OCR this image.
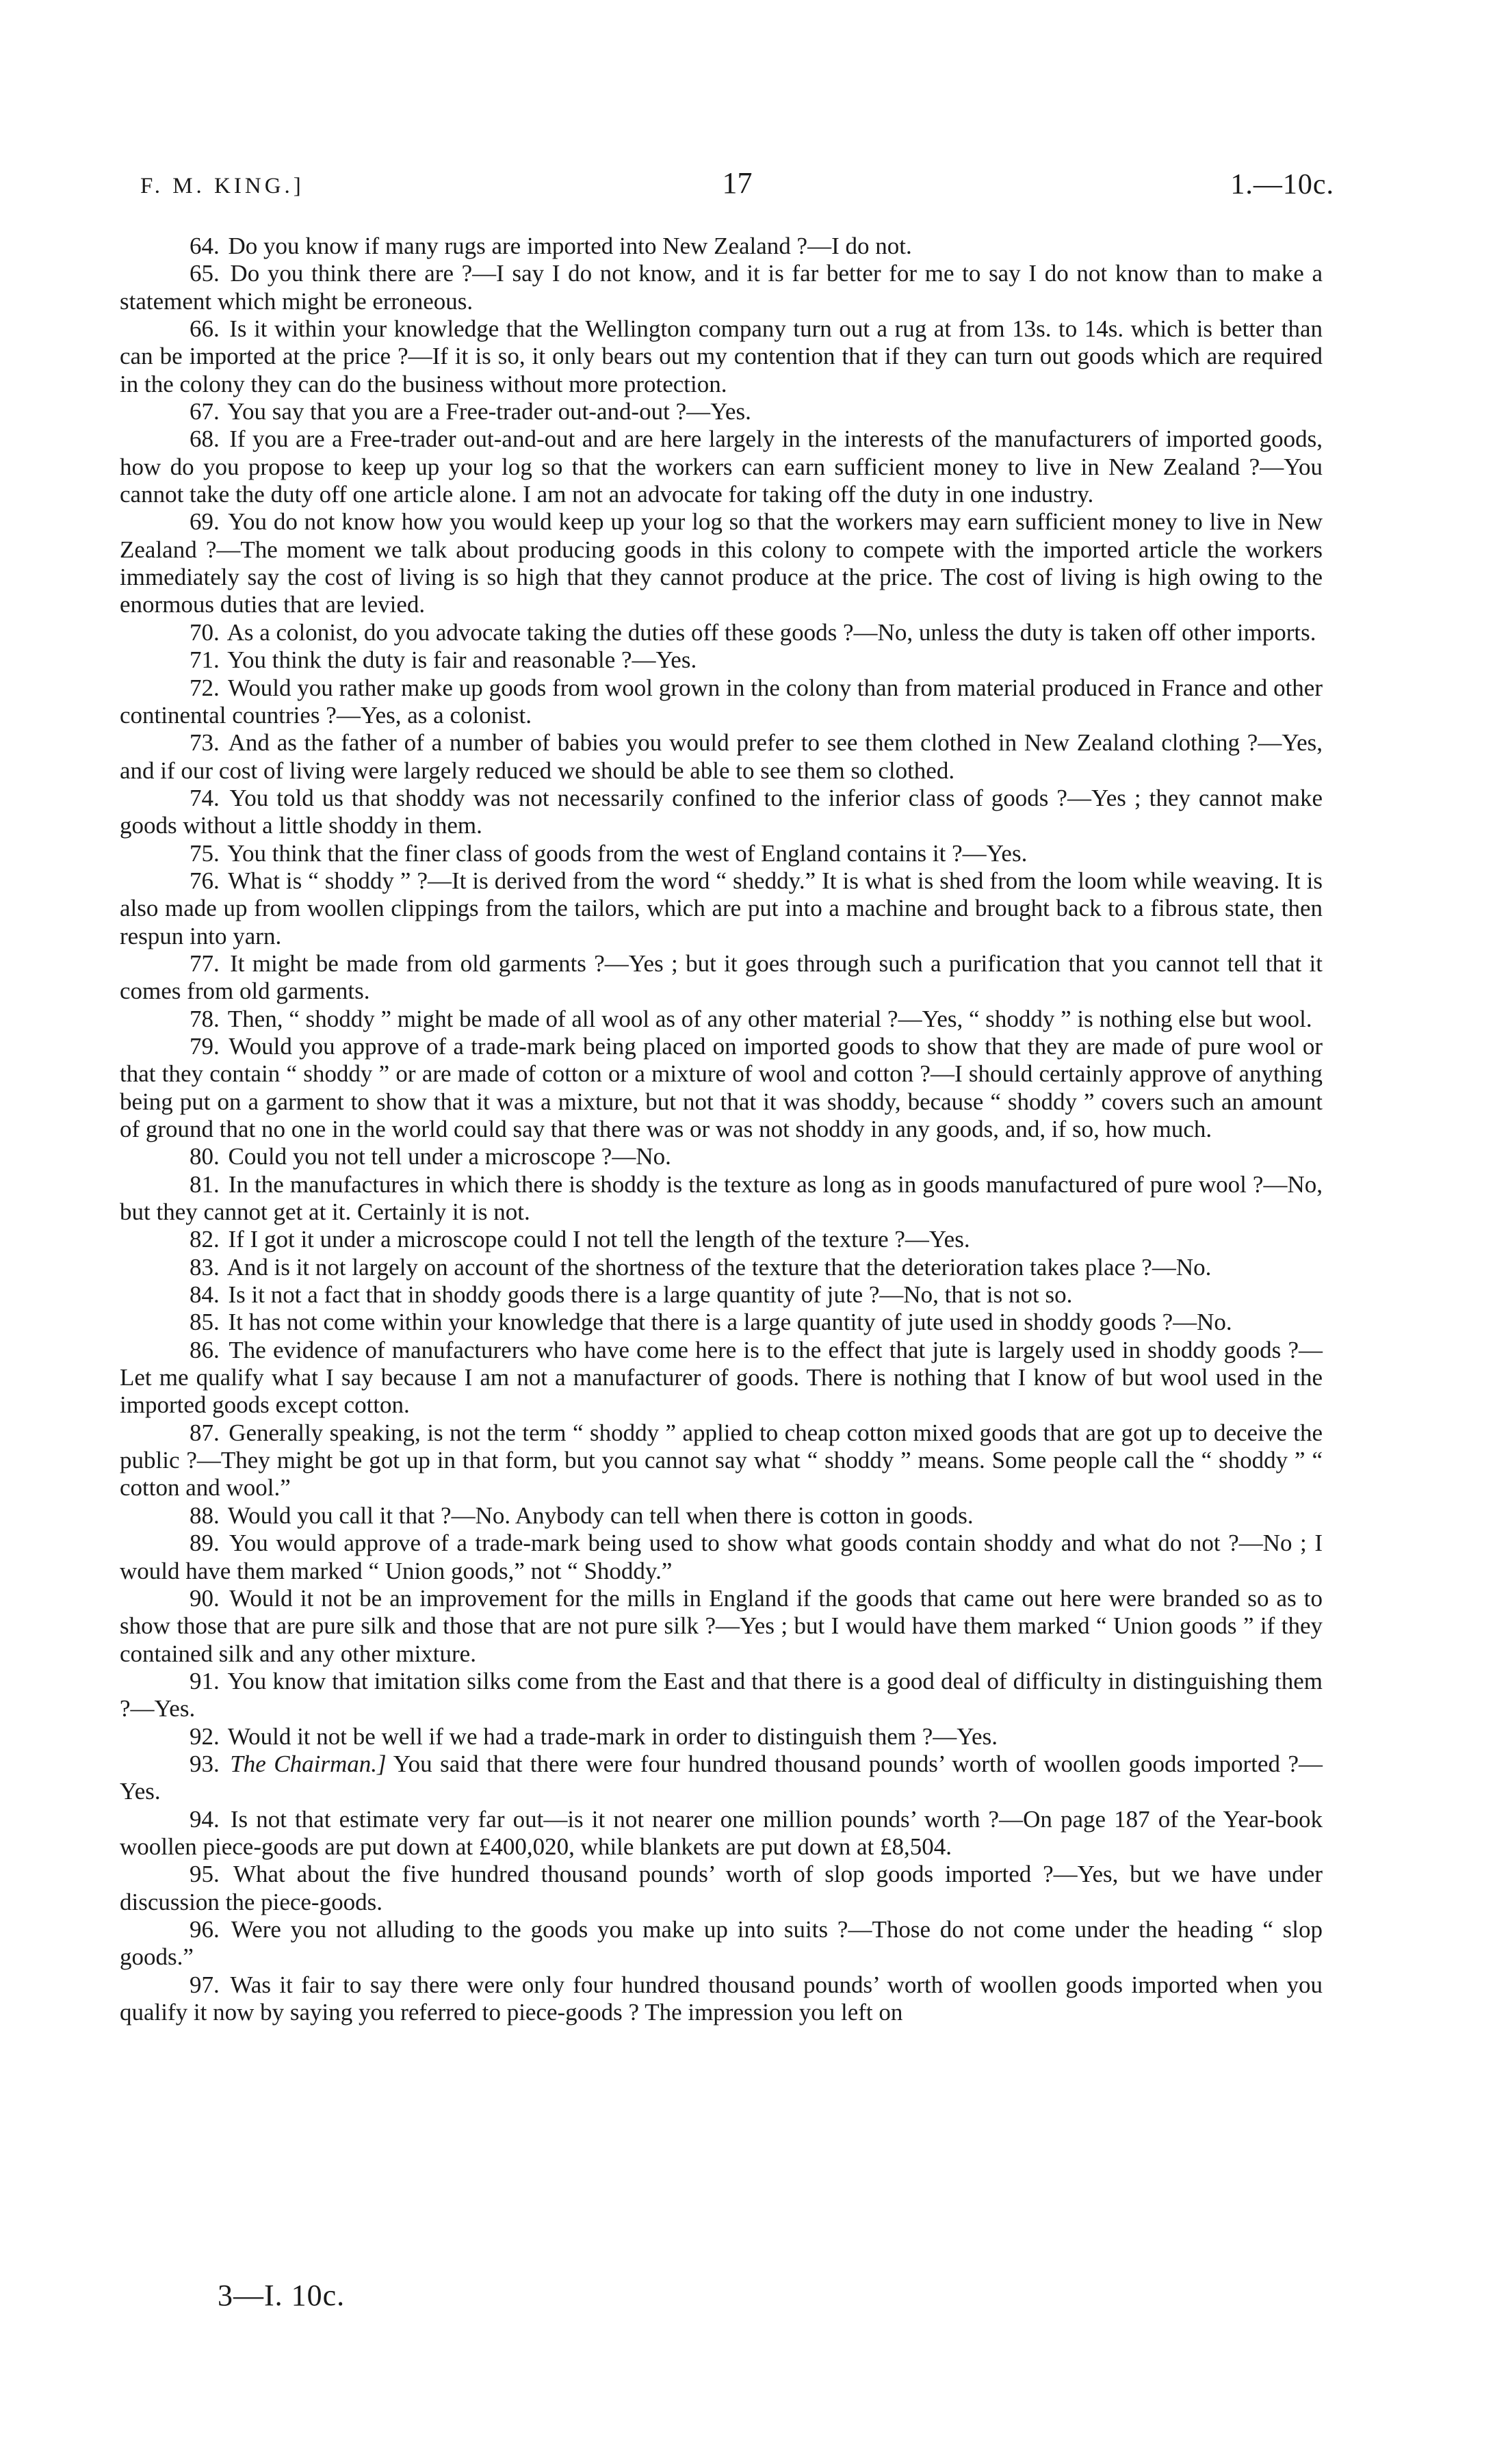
F. M. KING.]	17	1.—10c.

64. Do you know if many rugs are imported into New Zealand ?—I do not.

65. Do you think there are ?—I say I do not know, and it is far better for me to say I do not know than to make a statement which might be erroneous.

66. Is it within your knowledge that the Wellington company turn out a rug at from 13s. to 14s. which is better than can be imported at the price ?—If it is so, it only bears out my contention that if they can turn out goods which are required in the colony they can do the business without more protection.

67. You say that you are a Free-trader out-and-out ?—Yes.

68. If you are a Free-trader out-and-out and are here largely in the interests of the manufacturers of imported goods, how do you propose to keep up your log so that the workers can earn sufficient money to live in New Zealand ?—You cannot take the duty off one article alone. I am not an advocate for taking off the duty in one industry.

69. You do not know how you would keep up your log so that the workers may earn sufficient money to live in New Zealand ?—The moment we talk about producing goods in this colony to compete with the imported article the workers immediately say the cost of living is so high that they cannot produce at the price. The cost of living is high owing to the enormous duties that are levied.

70. As a colonist, do you advocate taking the duties off these goods ?—No, unless the duty is taken off other imports.

71. You think the duty is fair and reasonable ?—Yes.

72. Would you rather make up goods from wool grown in the colony than from material produced in France and other continental countries ?—Yes, as a colonist.

73. And as the father of a number of babies you would prefer to see them clothed in New Zealand clothing ?—Yes, and if our cost of living were largely reduced we should be able to see them so clothed.

74. You told us that shoddy was not necessarily confined to the inferior class of goods ?—Yes ; they cannot make goods without a little shoddy in them.

75. You think that the finer class of goods from the west of England contains it ?—Yes.

76. What is “ shoddy ” ?—It is derived from the word “ sheddy.” It is what is shed from the loom while weaving. It is also made up from woollen clippings from the tailors, which are put into a machine and brought back to a fibrous state, then respun into yarn.

77. It might be made from old garments ?—Yes ; but it goes through such a purification that you cannot tell that it comes from old garments.

78. Then, “ shoddy ” might be made of all wool as of any other material ?—Yes, “ shoddy ” is nothing else but wool.

79. Would you approve of a trade-mark being placed on imported goods to show that they are made of pure wool or that they contain “ shoddy ” or are made of cotton or a mixture of wool and cotton ?—I should certainly approve of anything being put on a garment to show that it was a mixture, but not that it was shoddy, because “ shoddy ” covers such an amount of ground that no one in the world could say that there was or was not shoddy in any goods, and, if so, how much.

80. Could you not tell under a microscope ?—No.

81. In the manufactures in which there is shoddy is the texture as long as in goods manufactured of pure wool ?—No, but they cannot get at it. Certainly it is not.

82. If I got it under a microscope could I not tell the length of the texture ?—Yes.

83. And is it not largely on account of the shortness of the texture that the deterioration takes place ?—No.

84. Is it not a fact that in shoddy goods there is a large quantity of jute ?—No, that is not so.

85. It has not come within your knowledge that there is a large quantity of jute used in shoddy goods ?—No.

86. The evidence of manufacturers who have come here is to the effect that jute is largely used in shoddy goods ?—Let me qualify what I say because I am not a manufacturer of goods. There is nothing that I know of but wool used in the imported goods except cotton.

87. Generally speaking, is not the term “ shoddy ” applied to cheap cotton mixed goods that are got up to deceive the public ?—They might be got up in that form, but you cannot say what “ shoddy ” means. Some people call the “ shoddy ” “ cotton and wool.”

88. Would you call it that ?—No. Anybody can tell when there is cotton in goods.

89. You would approve of a trade-mark being used to show what goods contain shoddy and what do not ?—No ; I would have them marked “ Union goods,” not “ Shoddy.”

90. Would it not be an improvement for the mills in England if the goods that came out here were branded so as to show those that are pure silk and those that are not pure silk ?—Yes ; but I would have them marked “ Union goods ” if they contained silk and any other mixture.

91. You know that imitation silks come from the East and that there is a good deal of difficulty in distinguishing them ?—Yes.

92. Would it not be well if we had a trade-mark in order to distinguish them ?—Yes.

93. The Chairman.] You said that there were four hundred thousand pounds’ worth of woollen goods imported ?—Yes.

94. Is not that estimate very far out—is it not nearer one million pounds’ worth ?—On page 187 of the Year-book woollen piece-goods are put down at £400,020, while blankets are put down at £8,504.

95. What about the five hundred thousand pounds’ worth of slop goods imported ?—Yes, but we have under discussion the piece-goods.

96. Were you not alluding to the goods you make up into suits ?—Those do not come under the heading “ slop goods.”

97. Was it fair to say there were only four hundred thousand pounds’ worth of woollen goods imported when you qualify it now by saying you referred to piece-goods ? The impression you left on

3—I. 10c.
